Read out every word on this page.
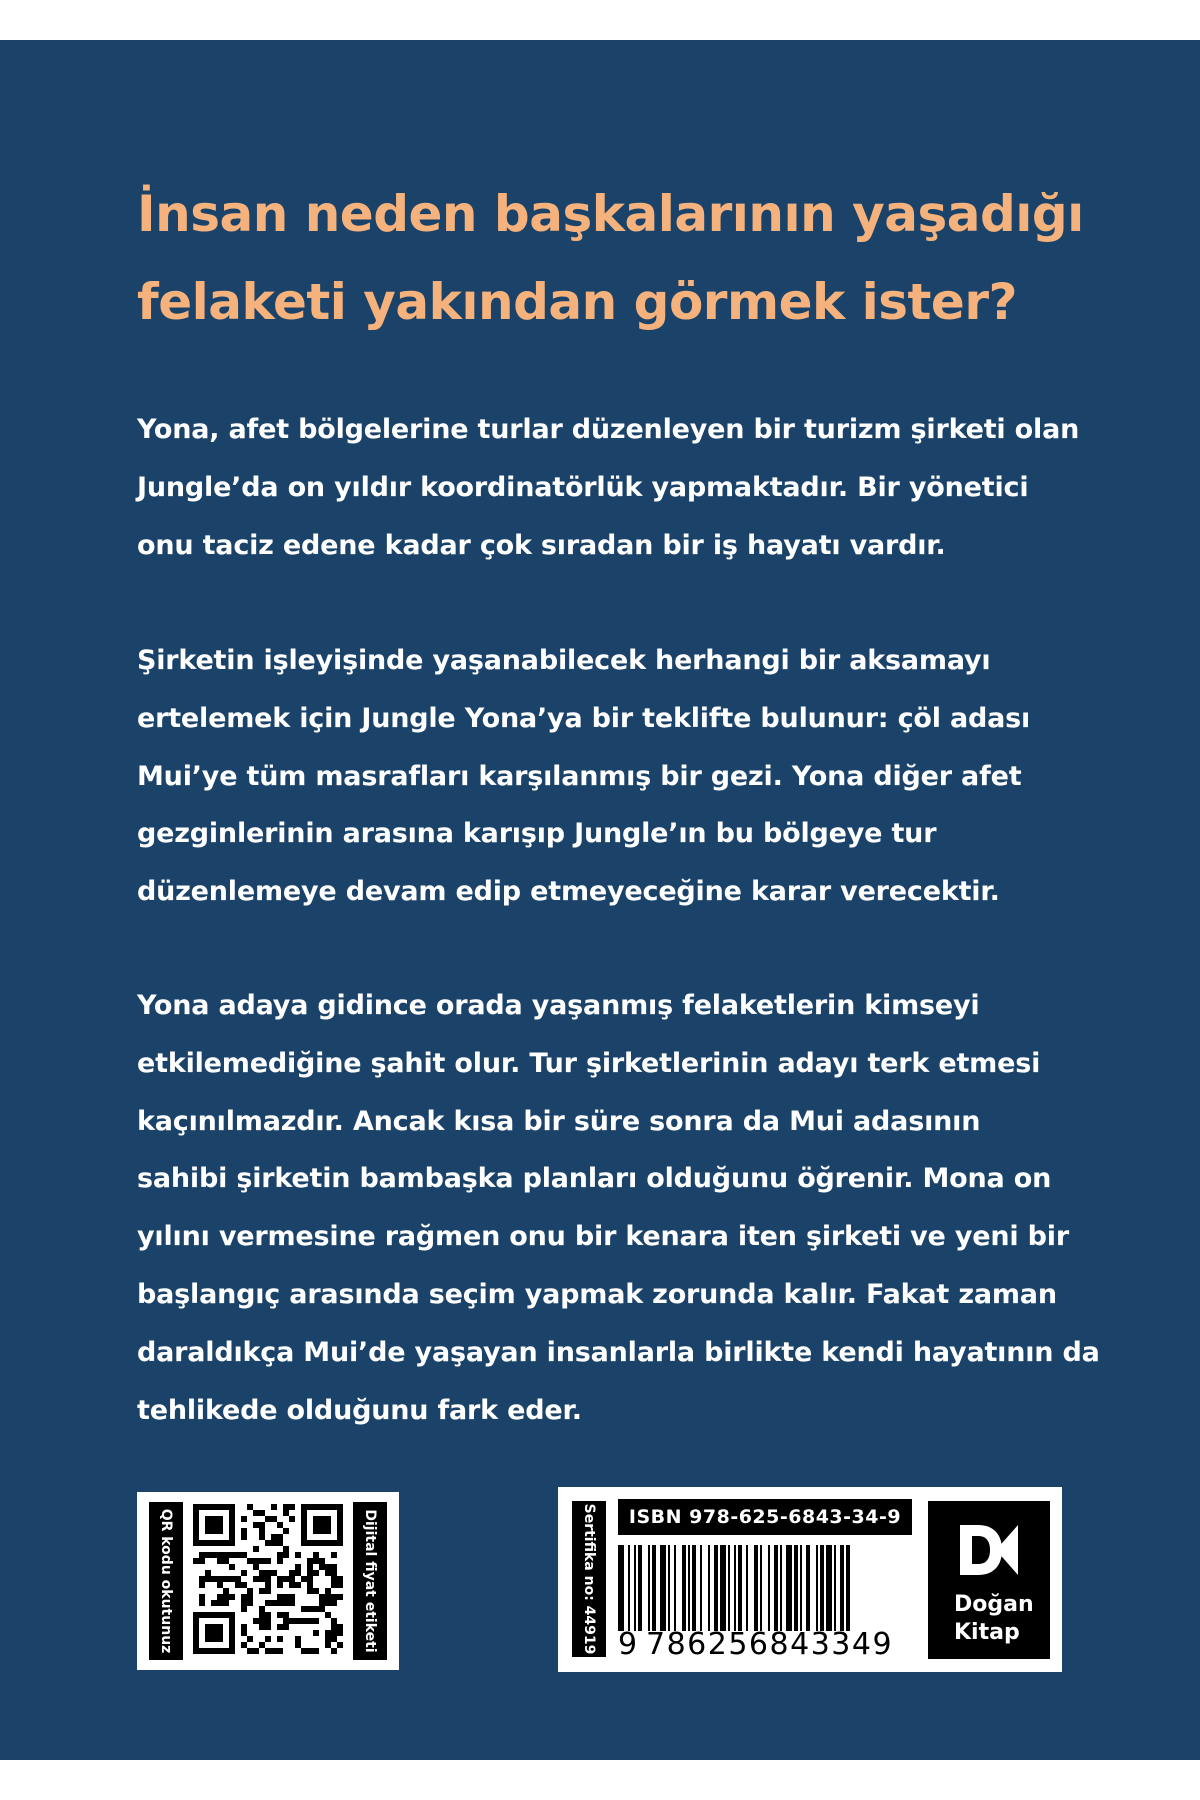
İnsan neden başkalarının yaşadığı
felaketi yakından görmek ister?

Yona, afet bölgelerine turlar düzenleyen bir turizm şirketi olan
Jungle’da on yıldır koordinatörlük yapmaktadır. Bir yönetici
onu taciz edene kadar çok sıradan bir iş hayatı vardır.

Şirketin işleyişinde yaşanabilecek herhangi bir aksamayı
ertelemek için Jungle Yona’ya bir teklifte bulunur: çöl adası
Mui’ye tüm masrafları karşılanmış bir gezi. Yona diğer afet
gezginlerinin arasına karışıp Jungle’ın bu bölgeye tur
düzenlemeye devam edip etmeyeceğine karar verecektir.

Yona adaya gidince orada yaşanmış felaketlerin kimseyi
etkilemediğine şahit olur. Tur şirketlerinin adayı terk etmesi
kaçınılmazdır. Ancak kısa bir süre sonra da Mui adasının
sahibi şirketin bambaşka planları olduğunu öğrenir. Mona on
yılını vermesine rağmen onu bir kenara iten şirketi ve yeni bir
başlangıç arasında seçim yapmak zorunda kalır. Fakat zaman
daraldıkça Mui’de yaşayan insanlarla birlikte kendi hayatının da
tehlikede olduğunu fark eder.

QR kodu okutunuz	Dijital fiyat etiketi	Sertifika no: 44919	ISBN 978-625-6843-34-9
9 786256843349
Doğan
Kitap
